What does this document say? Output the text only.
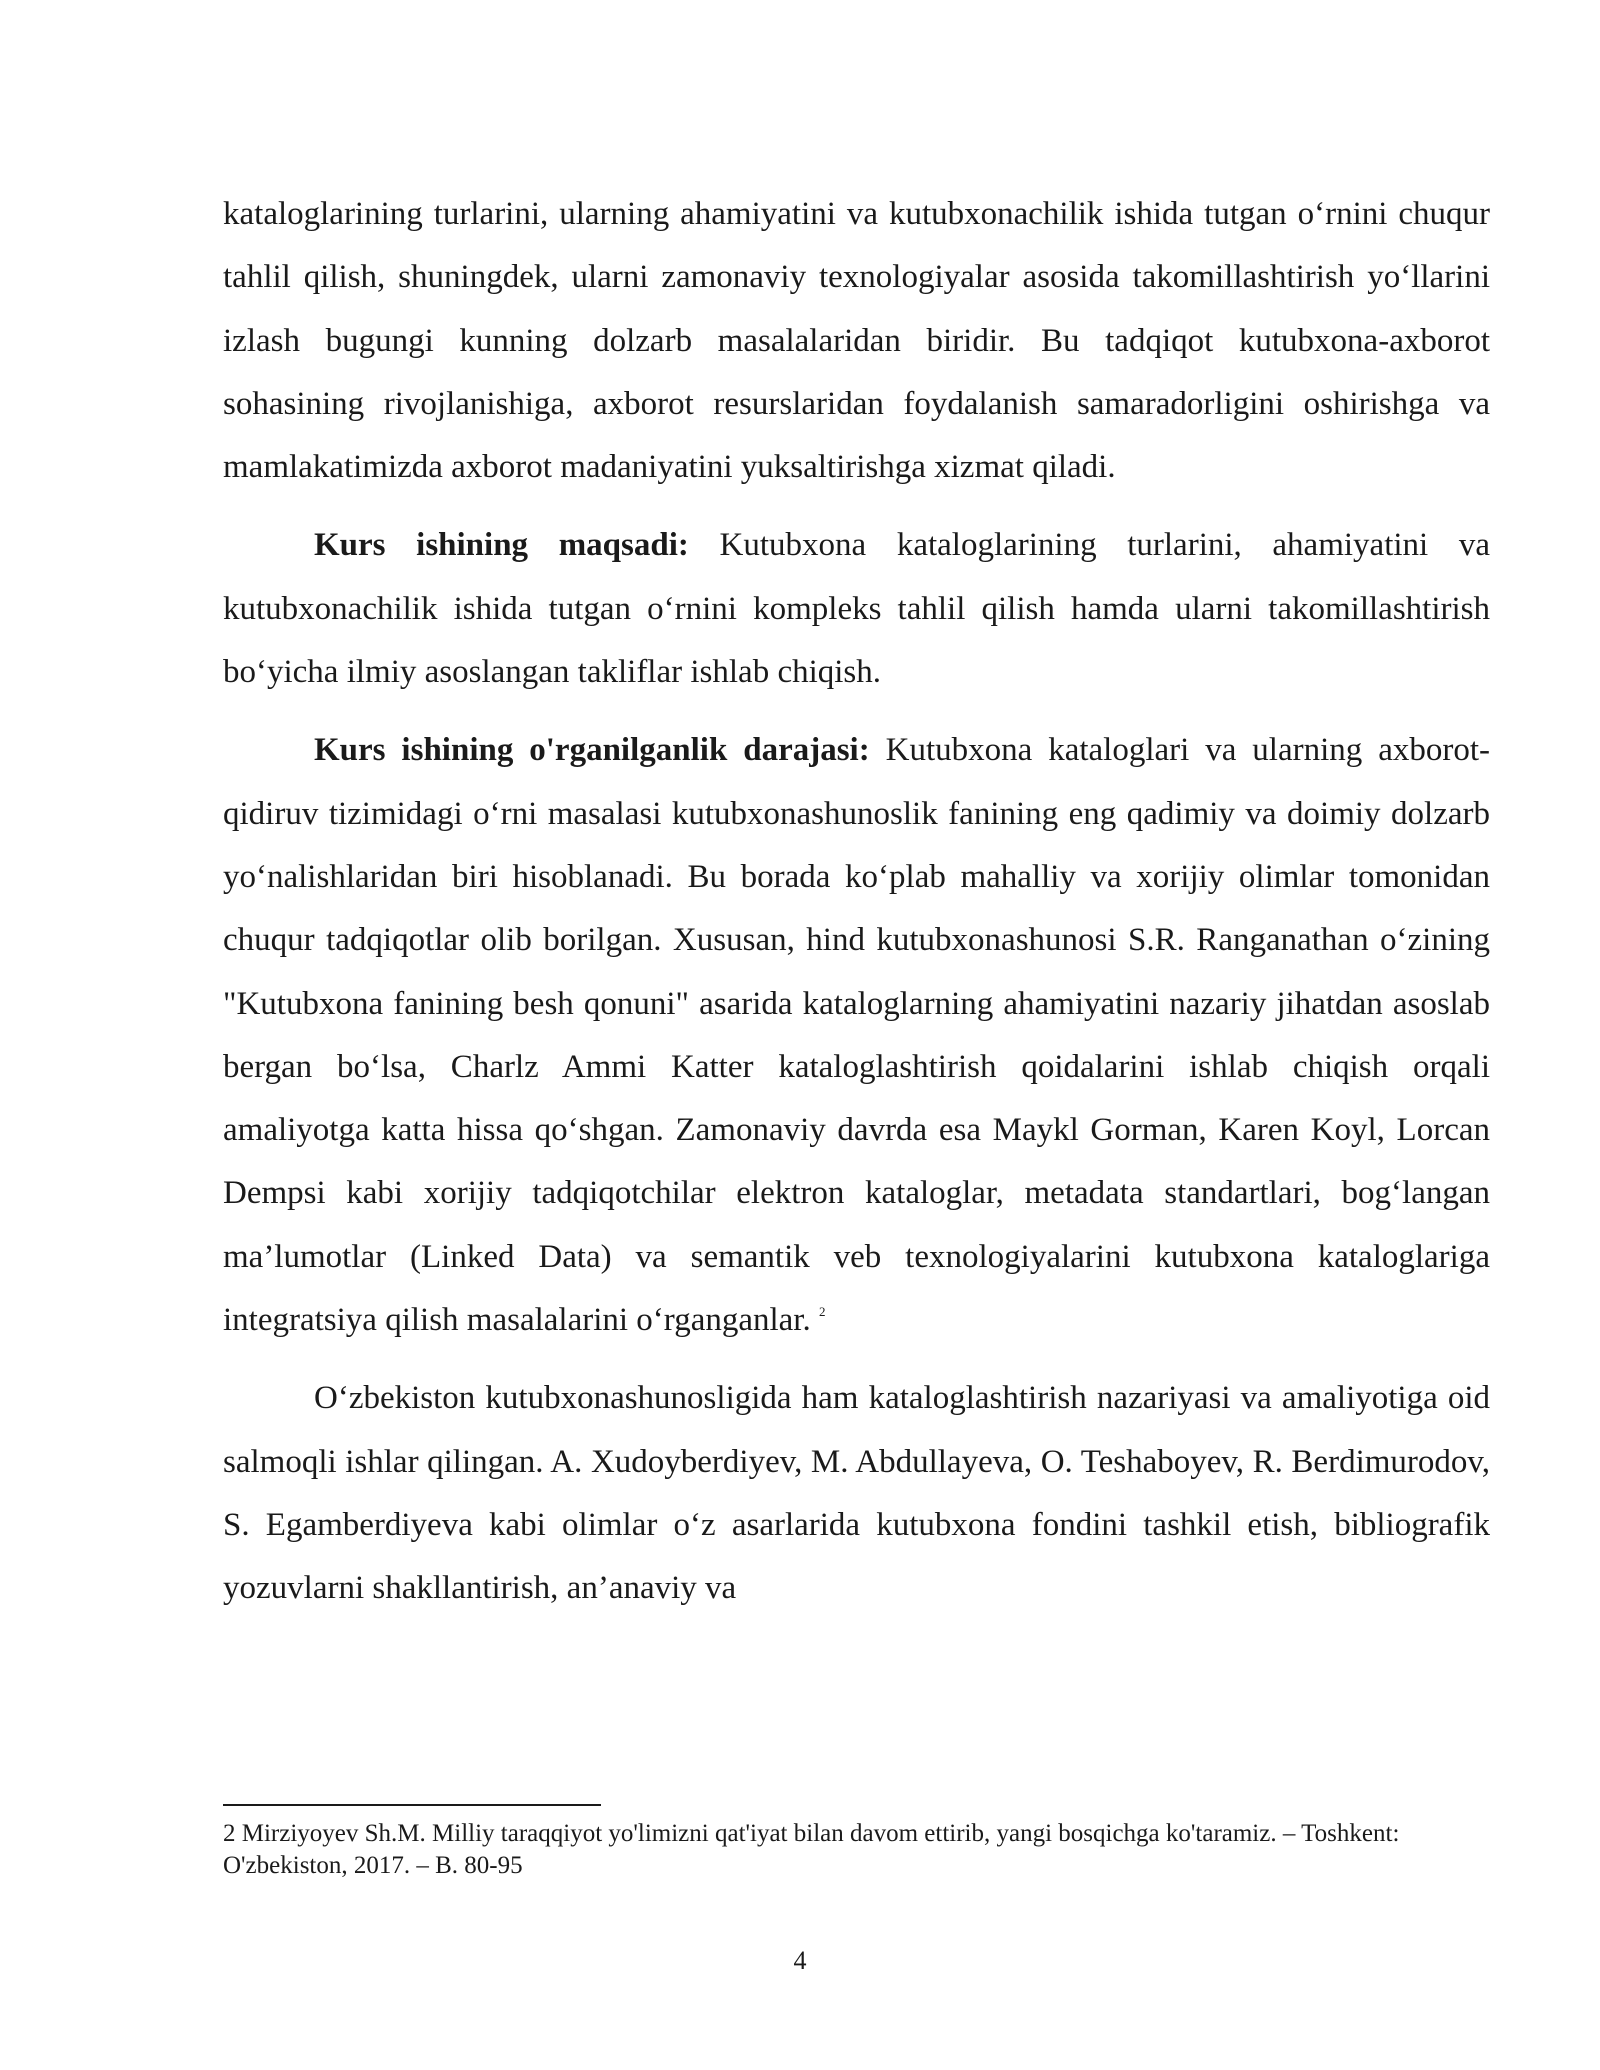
kataloglarining turlarini, ularning ahamiyatini va kutubxonachilik ishida tutgan o‘rnini chuqur tahlil qilish, shuningdek, ularni zamonaviy texnologiyalar asosida takomillashtirish yo‘llarini izlash bugungi kunning dolzarb masalalaridan biridir. Bu tadqiqot kutubxona-axborot sohasining rivojlanishiga, axborot resurslaridan foydalanish samaradorligini oshirishga va mamlakatimizda axborot madaniyatini yuksaltirishga xizmat qiladi.

Kurs ishining maqsadi: Kutubxona kataloglarining turlarini, ahamiyatini va kutubxonachilik ishida tutgan o‘rnini kompleks tahlil qilish hamda ularni takomillashtirish bo‘yicha ilmiy asoslangan takliflar ishlab chiqish.

Kurs ishining o'rganilganlik darajasi: Kutubxona kataloglari va ularning axborot-qidiruv tizimidagi o‘rni masalasi kutubxonashunoslik fanining eng qadimiy va doimiy dolzarb yo‘nalishlaridan biri hisoblanadi. Bu borada ko‘plab mahalliy va xorijiy olimlar tomonidan chuqur tadqiqotlar olib borilgan. Xususan, hind kutubxonashunosi S.R. Ranganathan o‘zining "Kutubxona fanining besh qonuni" asarida kataloglarning ahamiyatini nazariy jihatdan asoslab bergan bo‘lsa, Charlz Ammi Katter kataloglashtirish qoidalarini ishlab chiqish orqali amaliyotga katta hissa qo‘shgan. Zamonaviy davrda esa Maykl Gorman, Karen Koyl, Lorcan Dempsi kabi xorijiy tadqiqotchilar elektron kataloglar, metadata standartlari, bog‘langan ma’lumotlar (Linked Data) va semantik veb texnologiyalarini kutubxona kataloglariga integratsiya qilish masalalarini o‘rganganlar. $^2$

O‘zbekiston kutubxonashunosligida ham kataloglashtirish nazariyasi va amaliyotiga oid salmoqli ishlar qilingan. A. Xudoyberdiyev, M. Abdullayeva, O. Teshaboyev, R. Berdimurodov, S. Egamberdiyeva kabi olimlar o‘z asarlarida kutubxona fondini tashkil etish, bibliografik yozuvlarni shakllantirish, an’anaviy va

2 Mirziyoyev Sh.M. Milliy taraqqiyot yo'limizni qat'iyat bilan davom ettirib, yangi bosqichga ko'taramiz. – Toshkent: O'zbekiston, 2017. – B. 80-95

4
